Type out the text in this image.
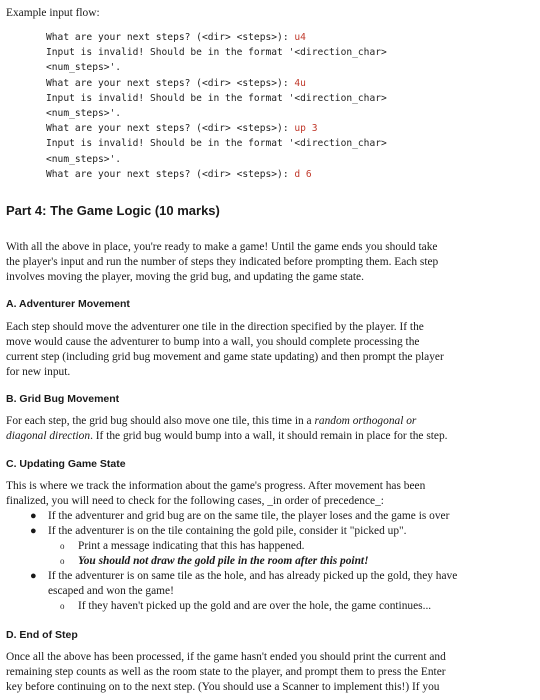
Example input flow:
What are your next steps? (<dir> <steps>): u4
Input is invalid! Should be in the format '<direction_char>
<num_steps>'.
What are your next steps? (<dir> <steps>): 4u
Input is invalid! Should be in the format '<direction_char>
<num_steps>'.
What are your next steps? (<dir> <steps>): up 3
Input is invalid! Should be in the format '<direction_char>
<num_steps>'.
What are your next steps? (<dir> <steps>): d 6
Part 4: The Game Logic (10 marks)
With all the above in place, you're ready to make a game! Until the game ends you should take
the player's input and run the number of steps they indicated before prompting them. Each step
involves moving the player, moving the grid bug, and updating the game state.
A. Adventurer Movement
Each step should move the adventurer one tile in the direction specified by the player. If the
move would cause the adventurer to bump into a wall, you should complete processing the
current step (including grid bug movement and game state updating) and then prompt the player
for new input.
B. Grid Bug Movement
For each step, the grid bug should also move one tile, this time in a random orthogonal or
diagonal direction. If the grid bug would bump into a wall, it should remain in place for the step.
C. Updating Game State
This is where we track the information about the game's progress. After movement has been
finalized, you will need to check for the following cases, _in order of precedence_:
● If the adventurer and grid bug are on the same tile, the player loses and the game is over
● If the adventurer is on the tile containing the gold pile, consider it "picked up".
o Print a message indicating that this has happened.
o You should not draw the gold pile in the room after this point!
● If the adventurer is on same tile as the hole, and has already picked up the gold, they have
escaped and won the game!
o If they haven't picked up the gold and are over the hole, the game continues...
D. End of Step
Once all the above has been processed, if the game hasn't ended you should print the current and
remaining step counts as well as the room state to the player, and prompt them to press the Enter
key before continuing on to the next step. (You should use a Scanner to implement this!) If you
